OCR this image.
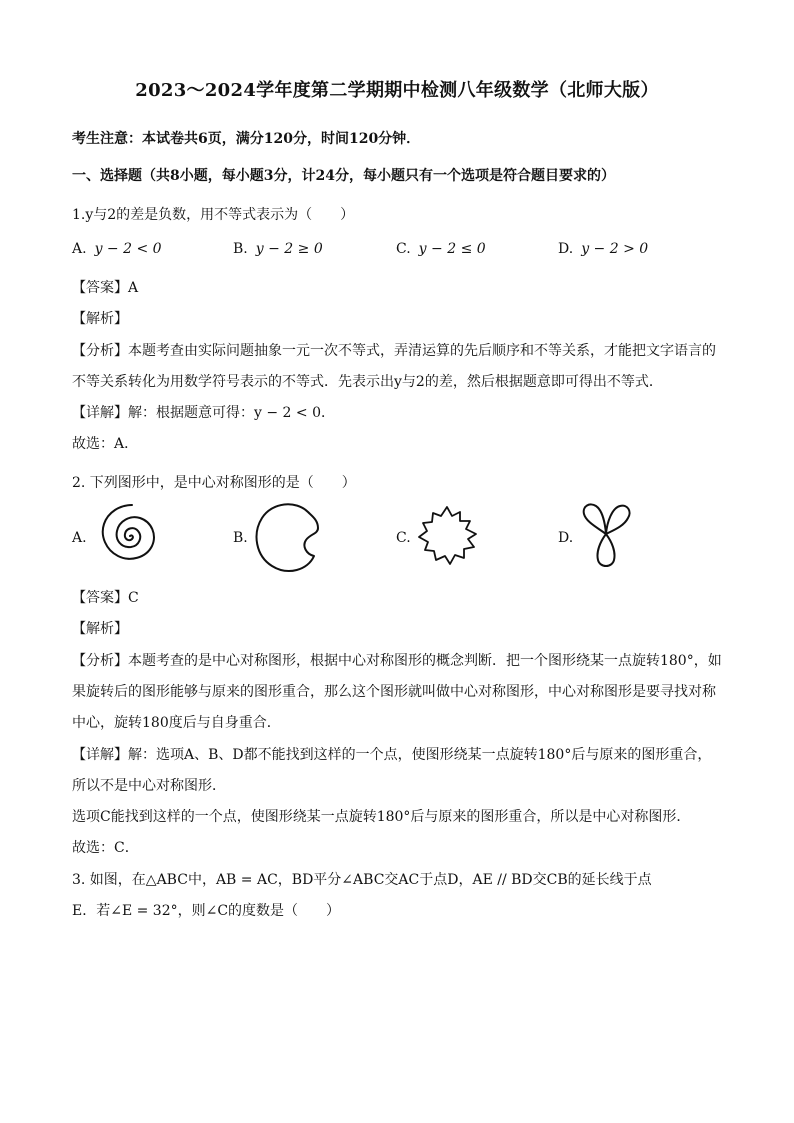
2023～2024学年度第二学期期中检测八年级数学（北师大版）
考生注意：本试卷共6页，满分120分，时间120分钟．
一、选择题（共8小题，每小题3分，计24分，每小题只有一个选项是符合题目要求的）
1.y与2的差是负数，用不等式表示为（　　）
A. y − 2 < 0	B. y − 2 ≥ 0	C. y − 2 ≤ 0	D. y − 2 > 0
【答案】A
【解析】
【分析】本题考查由实际问题抽象一元一次不等式，弄清运算的先后顺序和不等关系，才能把文字语言的
不等关系转化为用数学符号表示的不等式．先表示出y与2的差，然后根据题意即可得出不等式．
【详解】解：根据题意可得：y − 2 < 0．
故选：A．
2. 下列图形中，是中心对称图形的是（　　）
A.	B.	C.	D.
【答案】C
【解析】
【分析】本题考查的是中心对称图形，根据中心对称图形的概念判断．把一个图形绕某一点旋转180°，如
果旋转后的图形能够与原来的图形重合，那么这个图形就叫做中心对称图形，中心对称图形是要寻找对称
中心，旋转180度后与自身重合．
【详解】解：选项A、B、D都不能找到这样的一个点，使图形绕某一点旋转180°后与原来的图形重合，
所以不是中心对称图形．
选项C能找到这样的一个点，使图形绕某一点旋转180°后与原来的图形重合，所以是中心对称图形．
故选：C．
3. 如图，在△ABC中，AB = AC，BD平分∠ABC交AC于点D，AE // BD交CB的延长线于点
E．若∠E = 32°，则∠C的度数是（　　）
